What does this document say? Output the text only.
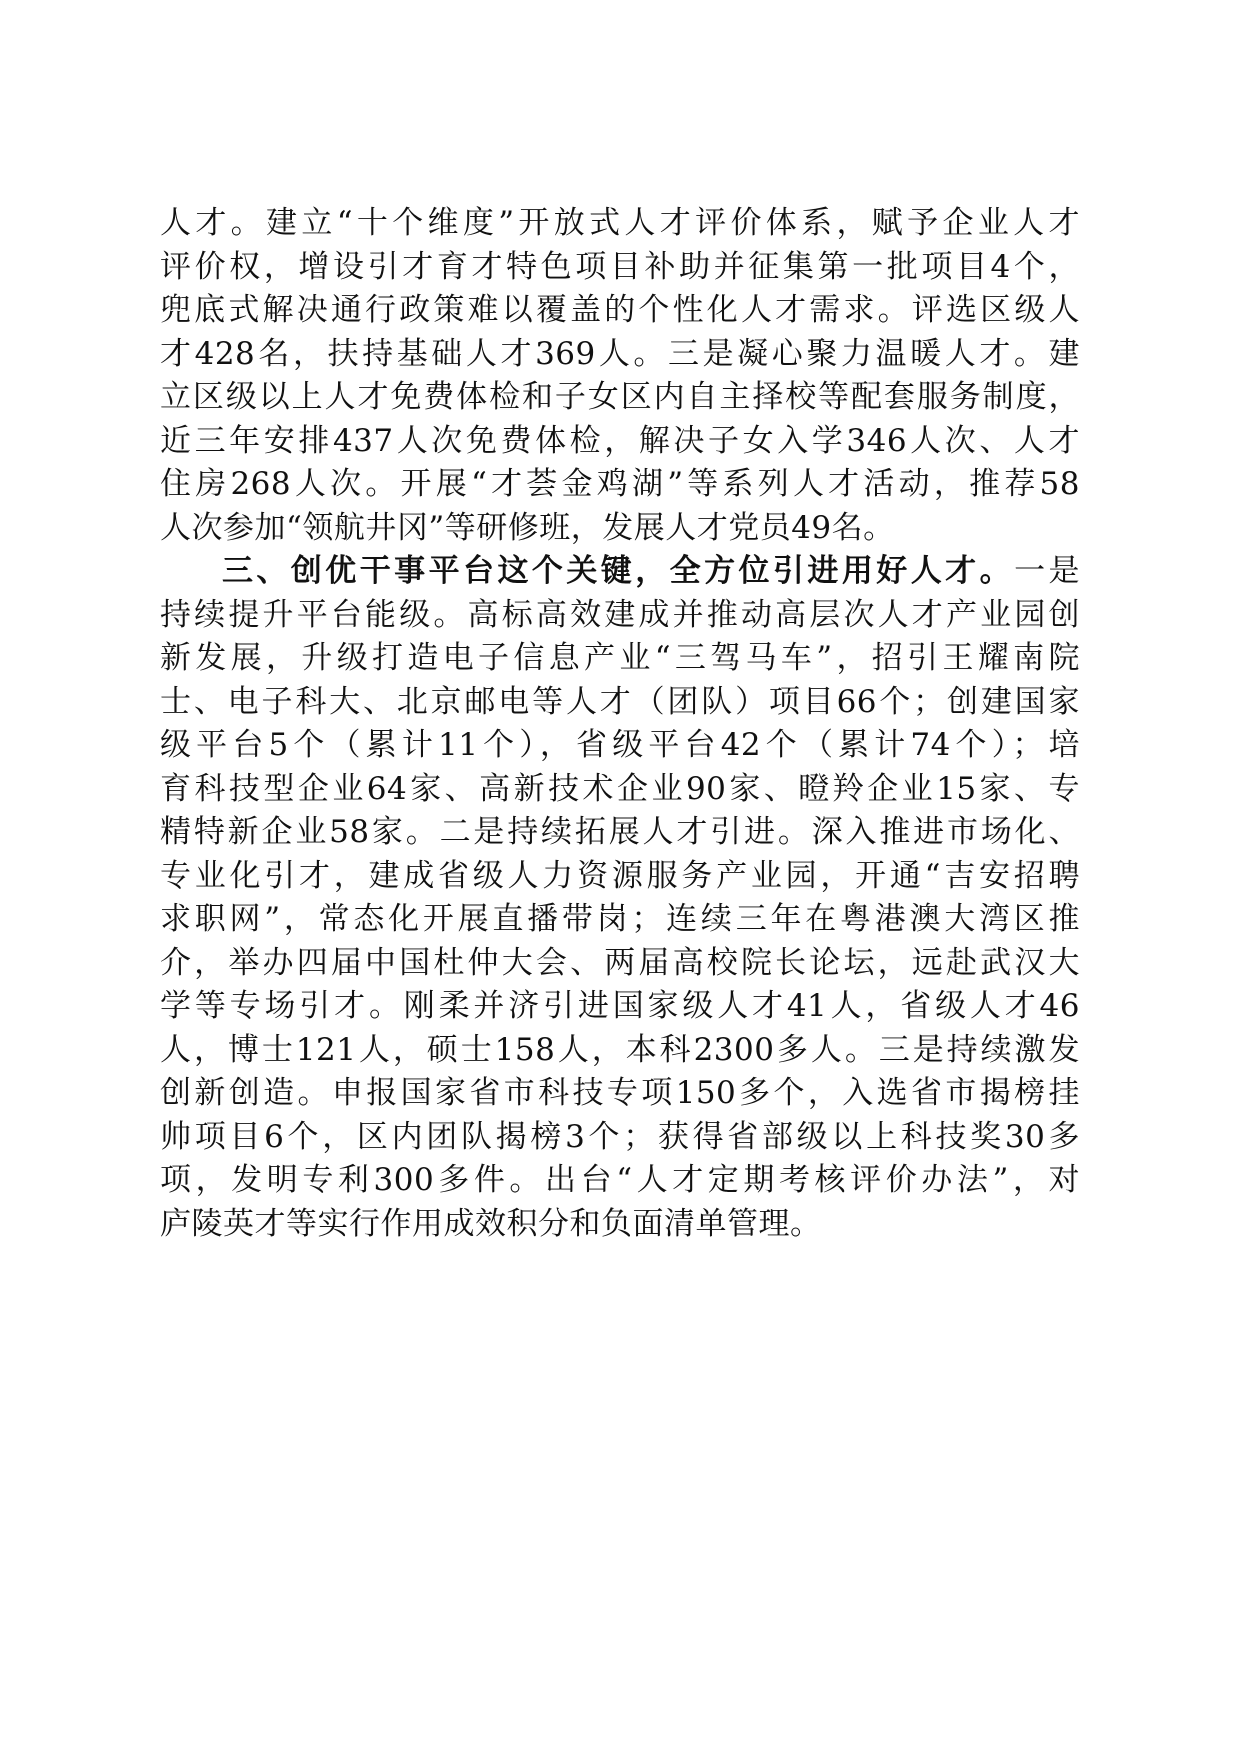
人才。建立“十个维度”开放式人才评价体系，赋予企业人才
评价权，增设引才育才特色项目补助并征集第一批项目4个，
兜底式解决通行政策难以覆盖的个性化人才需求。评选区级人
才428名，扶持基础人才369人。三是凝心聚力温暖人才。建
立区级以上人才免费体检和子女区内自主择校等配套服务制度，
近三年安排437人次免费体检，解决子女入学346人次、人才
住房268人次。开展“才荟金鸡湖”等系列人才活动，推荐58
人次参加“领航井冈”等研修班，发展人才党员49名。
三、创优干事平台这个关键，全方位引进用好人才。一是
持续提升平台能级。高标高效建成并推动高层次人才产业园创
新发展，升级打造电子信息产业“三驾马车”，招引王耀南院
士、电子科大、北京邮电等人才（团队）项目66个；创建国家
级平台5个（累计11个），省级平台42个（累计74个）；培
育科技型企业64家、高新技术企业90家、瞪羚企业15家、专
精特新企业58家。二是持续拓展人才引进。深入推进市场化、
专业化引才，建成省级人力资源服务产业园，开通“吉安招聘
求职网”，常态化开展直播带岗；连续三年在粤港澳大湾区推
介，举办四届中国杜仲大会、两届高校院长论坛，远赴武汉大
学等专场引才。刚柔并济引进国家级人才41人，省级人才46
人，博士121人，硕士158人，本科2300多人。三是持续激发
创新创造。申报国家省市科技专项150多个，入选省市揭榜挂
帅项目6个，区内团队揭榜3个；获得省部级以上科技奖30多
项，发明专利300多件。出台“人才定期考核评价办法”，对
庐陵英才等实行作用成效积分和负面清单管理。
